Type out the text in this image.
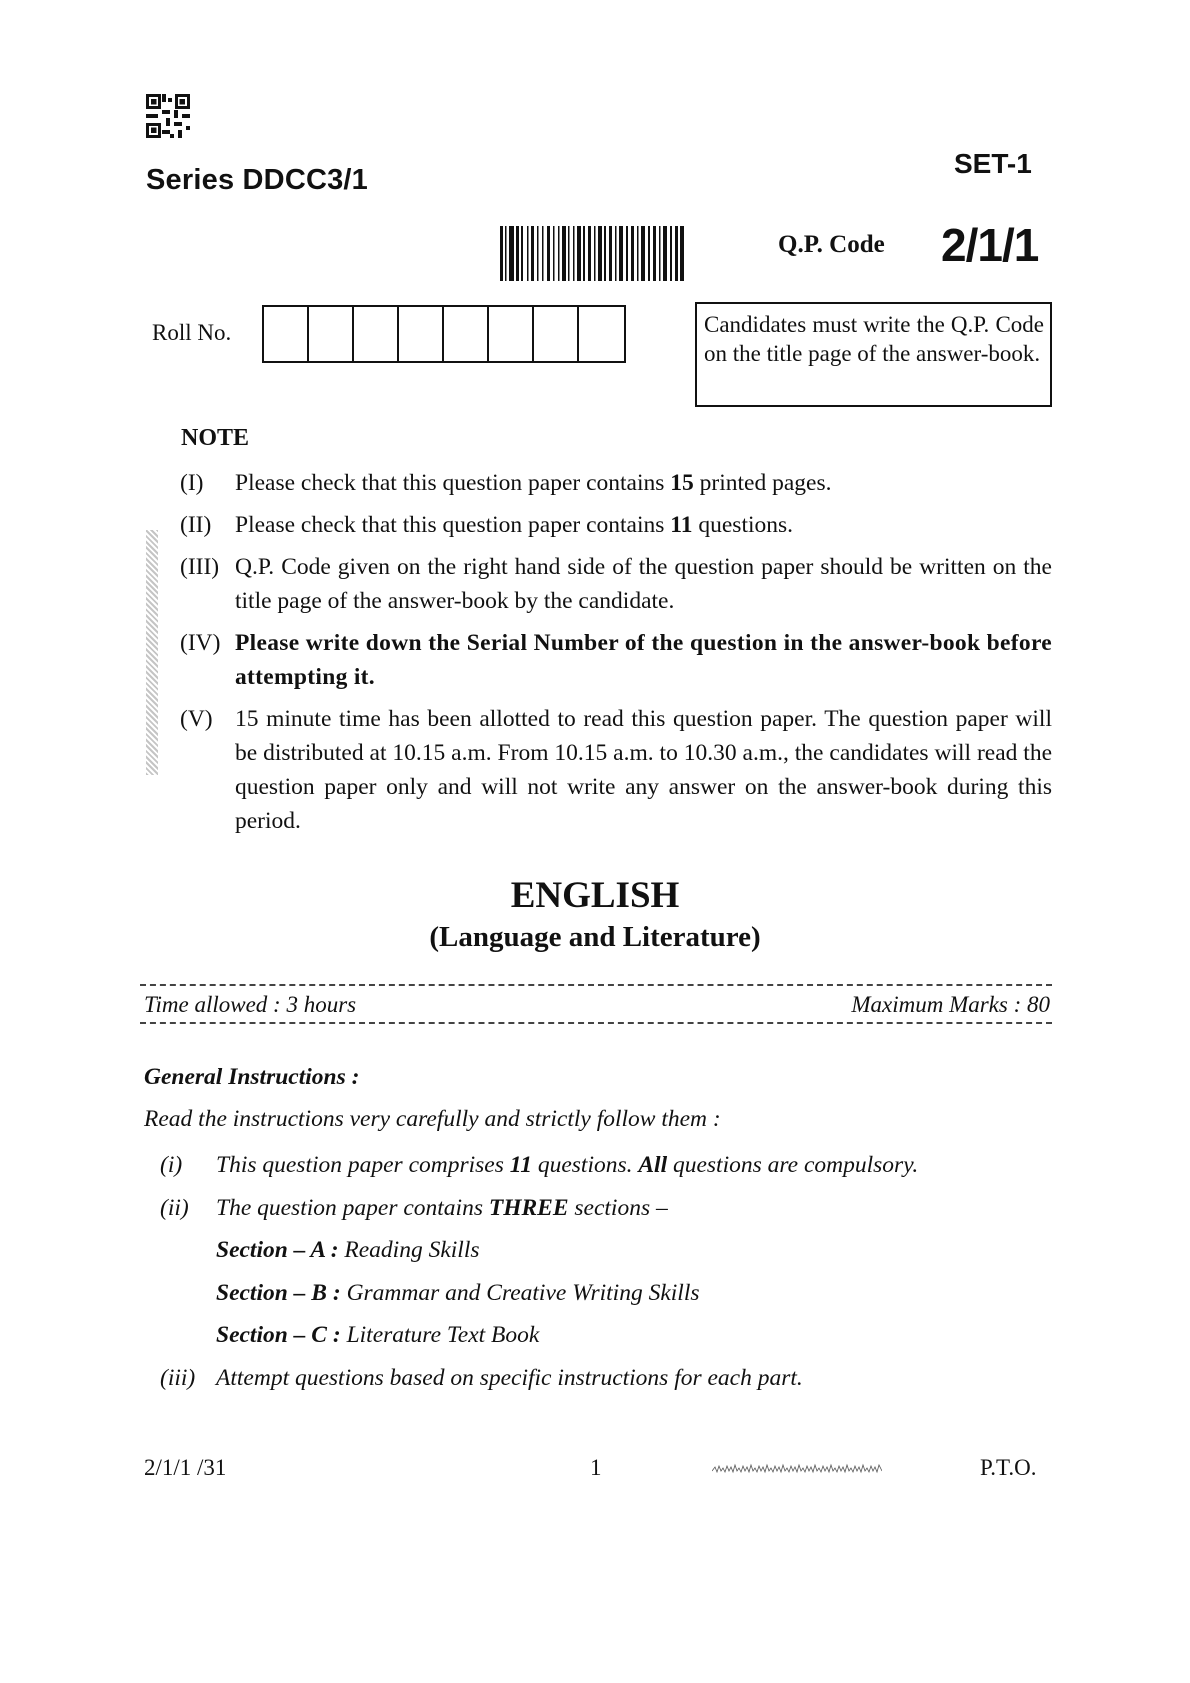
Series DDCC3/1
SET-1
Q.P. Code 2/1/1
Roll No.	Candidates must write the Q.P. Code on the title page of the answer-book.
NOTE
(I)	Please check that this question paper contains 15 printed pages.
(II)	Please check that this question paper contains 11 questions.
(III) Q.P. Code given on the right hand side of the question paper should be written on the title page of the answer-book by the candidate.
(IV) Please write down the Serial Number of the question in the answer-book before attempting it.
(V) 15 minute time has been allotted to read this question paper. The question paper will be distributed at 10.15 a.m. From 10.15 a.m. to 10.30 a.m., the candidates will read the question paper only and will not write any answer on the answer-book during this period.
ENGLISH
(Language and Literature)
Time allowed : 3 hours	Maximum Marks : 80
General Instructions :
Read the instructions very carefully and strictly follow them :
(i)	This question paper comprises 11 questions. All questions are compulsory.
(ii)	The question paper contains THREE sections –
Section – A : Reading Skills
Section – B : Grammar and Creative Writing Skills
Section – C : Literature Text Book
(iii) Attempt questions based on specific instructions for each part.
2/1/1 /31	1	P.T.O.
